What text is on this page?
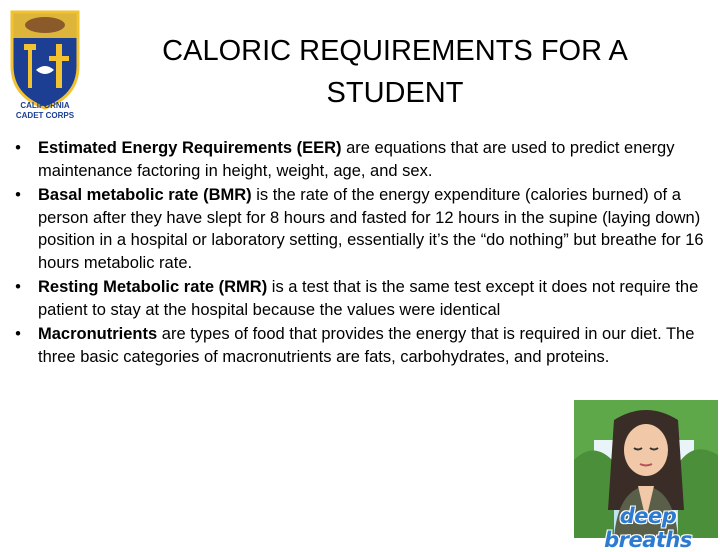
CALIFORNIA
CADET CORPS
CALORIC REQUIREMENTS FOR A STUDENT
•	Estimated Energy Requirements (EER) are equations that are used to predict energy maintenance factoring in height, weight, age, and sex.
•	Basal metabolic rate (BMR) is the rate of the energy expenditure (calories burned) of a person after they have slept for 8 hours and fasted for 12 hours in the supine (laying down) position in a hospital or laboratory setting, essentially it’s the “do nothing” but breathe for 16 hours metabolic rate.
•	Resting Metabolic rate (RMR) is a test that is the same test except it does not require the patient to stay at the hospital because the values were identical
•	Macronutrients are types of food that provides the energy that is required in our diet. The three basic categories of macronutrients are fats, carbohydrates, and proteins.
deep breaths
